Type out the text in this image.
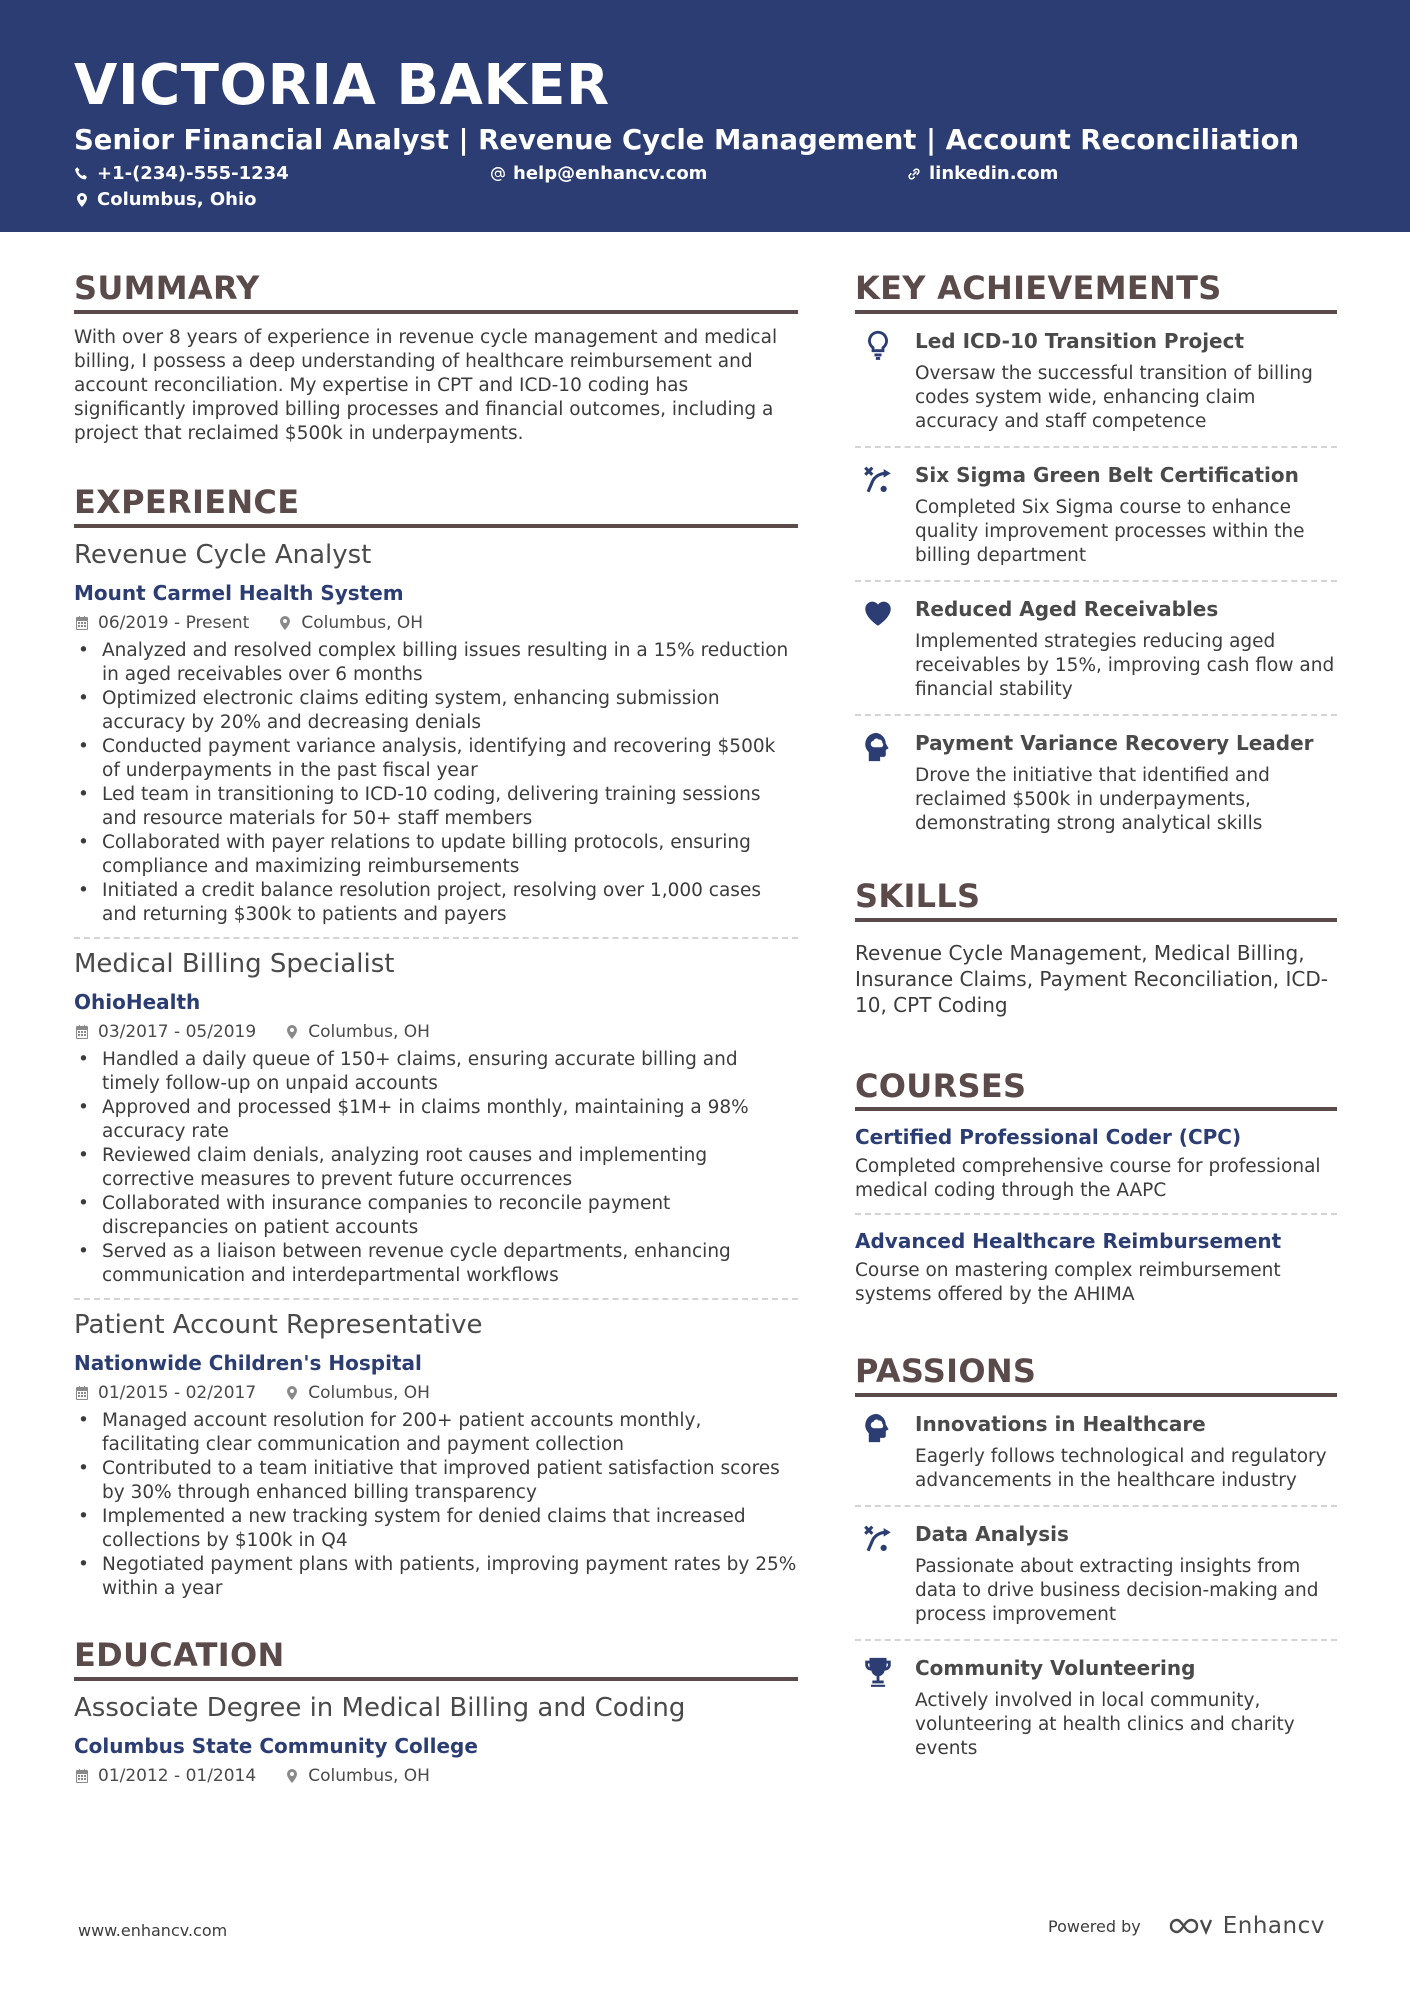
VICTORIA BAKER
Senior Financial Analyst | Revenue Cycle Management | Account Reconciliation
+1-(234)-555-1234	help@enhancv.com	linkedin.com
Columbus, Ohio
SUMMARY
With over 8 years of experience in revenue cycle management and medical billing, I possess a deep understanding of healthcare reimbursement and account reconciliation. My expertise in CPT and ICD-10 coding has significantly improved billing processes and financial outcomes, including a project that reclaimed $500k in underpayments.
EXPERIENCE
Revenue Cycle Analyst
Mount Carmel Health System
06/2019 - Present	Columbus, OH
• Analyzed and resolved complex billing issues resulting in a 15% reduction in aged receivables over 6 months
• Optimized electronic claims editing system, enhancing submission accuracy by 20% and decreasing denials
• Conducted payment variance analysis, identifying and recovering $500k of underpayments in the past fiscal year
• Led team in transitioning to ICD-10 coding, delivering training sessions and resource materials for 50+ staff members
• Collaborated with payer relations to update billing protocols, ensuring compliance and maximizing reimbursements
• Initiated a credit balance resolution project, resolving over 1,000 cases and returning $300k to patients and payers
Medical Billing Specialist
OhioHealth
03/2017 - 05/2019	Columbus, OH
• Handled a daily queue of 150+ claims, ensuring accurate billing and timely follow-up on unpaid accounts
• Approved and processed $1M+ in claims monthly, maintaining a 98% accuracy rate
• Reviewed claim denials, analyzing root causes and implementing corrective measures to prevent future occurrences
• Collaborated with insurance companies to reconcile payment discrepancies on patient accounts
• Served as a liaison between revenue cycle departments, enhancing communication and interdepartmental workflows
Patient Account Representative
Nationwide Children's Hospital
01/2015 - 02/2017	Columbus, OH
• Managed account resolution for 200+ patient accounts monthly, facilitating clear communication and payment collection
• Contributed to a team initiative that improved patient satisfaction scores by 30% through enhanced billing transparency
• Implemented a new tracking system for denied claims that increased collections by $100k in Q4
• Negotiated payment plans with patients, improving payment rates by 25% within a year
EDUCATION
Associate Degree in Medical Billing and Coding
Columbus State Community College
01/2012 - 01/2014	Columbus, OH
KEY ACHIEVEMENTS
Led ICD-10 Transition Project
Oversaw the successful transition of billing codes system wide, enhancing claim accuracy and staff competence
Six Sigma Green Belt Certification
Completed Six Sigma course to enhance quality improvement processes within the billing department
Reduced Aged Receivables
Implemented strategies reducing aged receivables by 15%, improving cash flow and financial stability
Payment Variance Recovery Leader
Drove the initiative that identified and reclaimed $500k in underpayments, demonstrating strong analytical skills
SKILLS
Revenue Cycle Management, Medical Billing, Insurance Claims, Payment Reconciliation, ICD-10, CPT Coding
COURSES
Certified Professional Coder (CPC)
Completed comprehensive course for professional medical coding through the AAPC
Advanced Healthcare Reimbursement
Course on mastering complex reimbursement systems offered by the AHIMA
PASSIONS
Innovations in Healthcare
Eagerly follows technological and regulatory advancements in the healthcare industry
Data Analysis
Passionate about extracting insights from data to drive business decision-making and process improvement
Community Volunteering
Actively involved in local community, volunteering at health clinics and charity events
www.enhancv.com	Powered by	Enhancv
